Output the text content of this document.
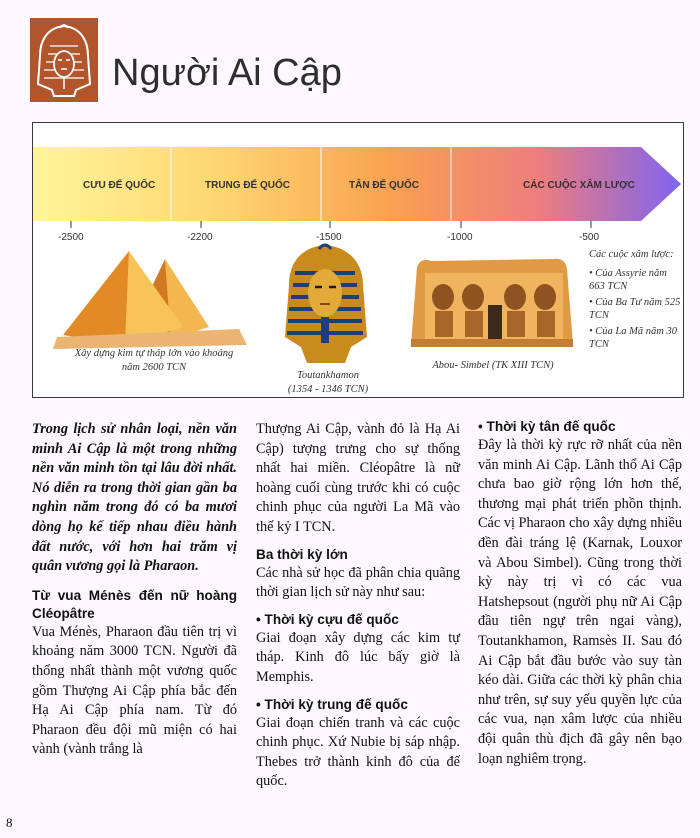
Người Ai Cập
CƯU ĐẾ QUỐC	TRUNG ĐẾ QUỐC	TÂN ĐẾ QUỐC	CÁC CUỘC XÂM LƯỢC
-2500	-2200	-1500	-1000	-500
Xây dựng kim tự tháp lớn vào khoảng năm 2600 TCN
Toutankhamon
(1354 - 1346 TCN)
Abou- Simbel (TK XIII TCN)
Các cuộc xâm lược:
• Của Assyrie năm 663 TCN
• Của Ba Tư năm 525 TCN
• Của La Mã năm 30 TCN

Trong lịch sử nhân loại, nền văn minh Ai Cập là một trong những nền văn minh tồn tại lâu đời nhất. Nó diễn ra trong thời gian gần ba nghìn năm trong đó có ba mươi dòng họ kế tiếp nhau điều hành đất nước, với hơn hai trăm vị quân vương gọi là Pharaon.

Từ vua Ménès đến nữ hoàng Cléopâtre

Vua Ménès, Pharaon đầu tiên trị vì khoảng năm 3000 TCN. Người đã thống nhất thành một vương quốc gồm Thượng Ai Cập phía bắc đến Hạ Ai Cập phía nam. Từ đó Pharaon đều đội mũ miện có hai vành (vành trắng là

Thượng Ai Cập, vành đỏ là Hạ Ai Cập) tượng trưng cho sự thống nhất hai miền. Cléopâtre là nữ hoàng cuối cùng trước khi có cuộc chinh phục của người La Mã vào thế kỷ I TCN.

Ba thời kỳ lớn

Các nhà sử học đã phân chia quãng thời gian lịch sử này như sau:

• Thời kỳ cựu đế quốc

Giai đoạn xây dựng các kim tự tháp. Kinh đô lúc bấy giờ là Memphis.

• Thời kỳ trung đế quốc

Giai đoạn chiến tranh và các cuộc chinh phục. Xứ Nubie bị sáp nhập. Thebes trở thành kinh đô của đế quốc.

• Thời kỳ tân đế quốc

Đây là thời kỳ rực rỡ nhất của nền văn minh Ai Cập. Lãnh thổ Ai Cập chưa bao giờ rộng lớn hơn thế, thương mại phát triển phồn thịnh. Các vị Pharaon cho xây dựng nhiều đền đài tráng lệ (Karnak, Louxor và Abou Simbel). Cũng trong thời kỳ này trị vì có các vua Hatshepsout (người phụ nữ Ai Cập đầu tiên ngự trên ngai vàng), Toutankhamon, Ramsès II. Sau đó Ai Cập bắt đầu bước vào suy tàn kéo dài. Giữa các thời kỳ phân chia như trên, sự suy yếu quyền lực của các vua, nạn xâm lược của nhiều đội quân thù địch đã gây nên bạo loạn nghiêm trọng.

8
